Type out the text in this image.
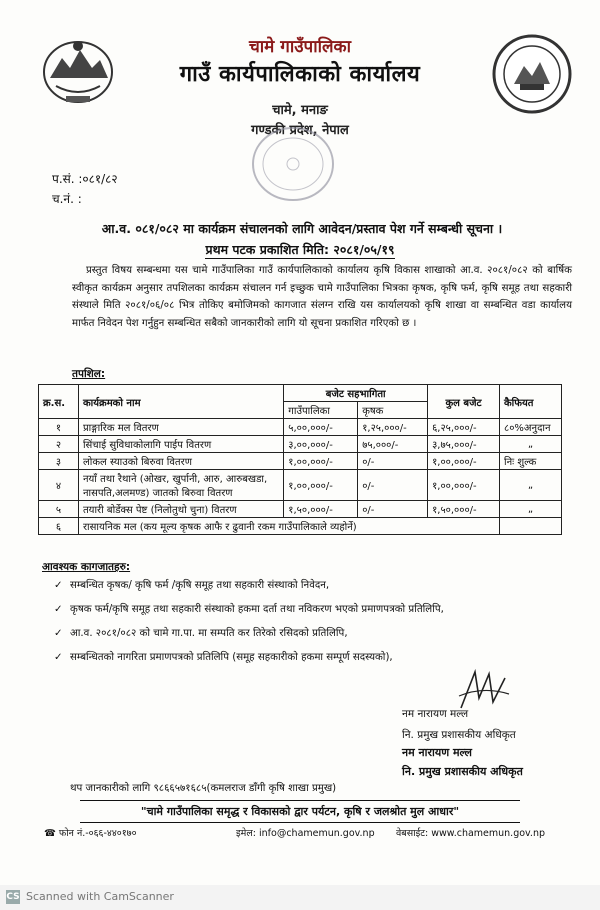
चामे गाउँपालिका
गाउँ कार्यपालिकाको कार्यालय
चामे, मनाङ
गण्डकी प्रदेश, नेपाल
प.सं. :०८१/८२
च.नं. :
आ.व. ०८१/०८२ मा कार्यक्रम संचालनको लागि आवेदन/प्रस्ताव पेश गर्ने सम्बन्धी सूचना ।
प्रथम पटक प्रकाशित मिति: २०८१/०५/१९
प्रस्तुत विषय सम्बन्धमा यस चामे गाउँपालिका गाउँ कार्यपालिकाको कार्यालय कृषि विकास शाखाको आ.व. २०८१/०८२ को बार्षिक स्वीकृत कार्यक्रम अनुसार तपशिलका कार्यक्रम संचालन गर्न इच्छुक चामे गाउँपालिका भित्रका कृषक, कृषि फर्म, कृषि समूह तथा सहकारी संस्थाले मिति २०८१/०६/०८ भित्र तोकिए बमोजिमको कागजात संलग्न राखि यस कार्यालयको कृषि शाखा वा सम्बन्धित वडा कार्यालय मार्फत निवेदन पेश गर्नुहुन सम्बन्धित सबैको जानकारीको लागि यो सूचना प्रकाशित गरिएको छ ।
तपशिल:
क्र.स.	कार्यक्रमको नाम	बजेट सहभागिता		कुल बजेट	कैफियत
		गाउँपालिका	कृषक		
१	प्राङ्गारिक मल वितरण	५,००,०००/-	१,२५,०००/-	६,२५,०००/-	८०%अनुदान
२	सिंचाई सुविधाकोलागि पाईप वितरण	३,००,०००/-	७५,०००/-	३,७५,०००/-	„
३	लोकल स्याउको बिरुवा वितरण	१,००,०००/-	०/-	१,००,०००/-	निः शुल्क
४	नयाँ तथा रैथाने (ओखर, खुर्पानी, आरु, आरुबखडा, नासपति,अलमण्ड) जातको बिरुवा वितरण	१,००,०००/-	०/-	१,००,०००/-	„
५	तयारी बोर्डेक्स पेष्ट (निलोतुथो चुना) वितरण	१,५०,०००/-	०/-	१,५०,०००/-	„
६	रासायनिक मल (कय मूल्य कृषक आफै र ढुवानी रकम गाउँपालिकाले व्यहोर्ने)				
आवश्यक कागजातहरु:
✓ सम्बन्धित कृषक/ कृषि फर्म /कृषि समूह तथा सहकारी संस्थाको निवेदन,
✓ कृषक फर्म/कृषि समूह तथा सहकारी संस्थाको हकमा दर्ता तथा नविकरण भएको प्रमाणपत्रको प्रतिलिपि,
✓ आ.व. २०८१/०८२ को चामे गा.पा. मा सम्पति कर तिरेको रसिदको प्रतिलिपि,
✓ सम्बन्धितको नागरिता प्रमाणपत्रको प्रतिलिपि (समूह सहकारीको हकमा सम्पूर्ण सदस्यको),
नम नारायण मल्ल
नि. प्रमुख प्रशासकीय अधिकृत
नम नारायण मल्ल
नि. प्रमुख प्रशासकीय अधिकृत
थप जानकारीको लागि ९८६६५७१६८५(कमलराज डाँगी कृषि शाखा प्रमुख)
"चामे गाउँपालिका समृद्ध र विकासको द्वार पर्यटन, कृषि र जलश्रोत मुल आधार"
☎ फोन नं.-०६६-४४०१७०	इमेल: info@chamemun.gov.np वेबसाईट: www.chamemun.gov.np
CS Scanned with CamScanner
